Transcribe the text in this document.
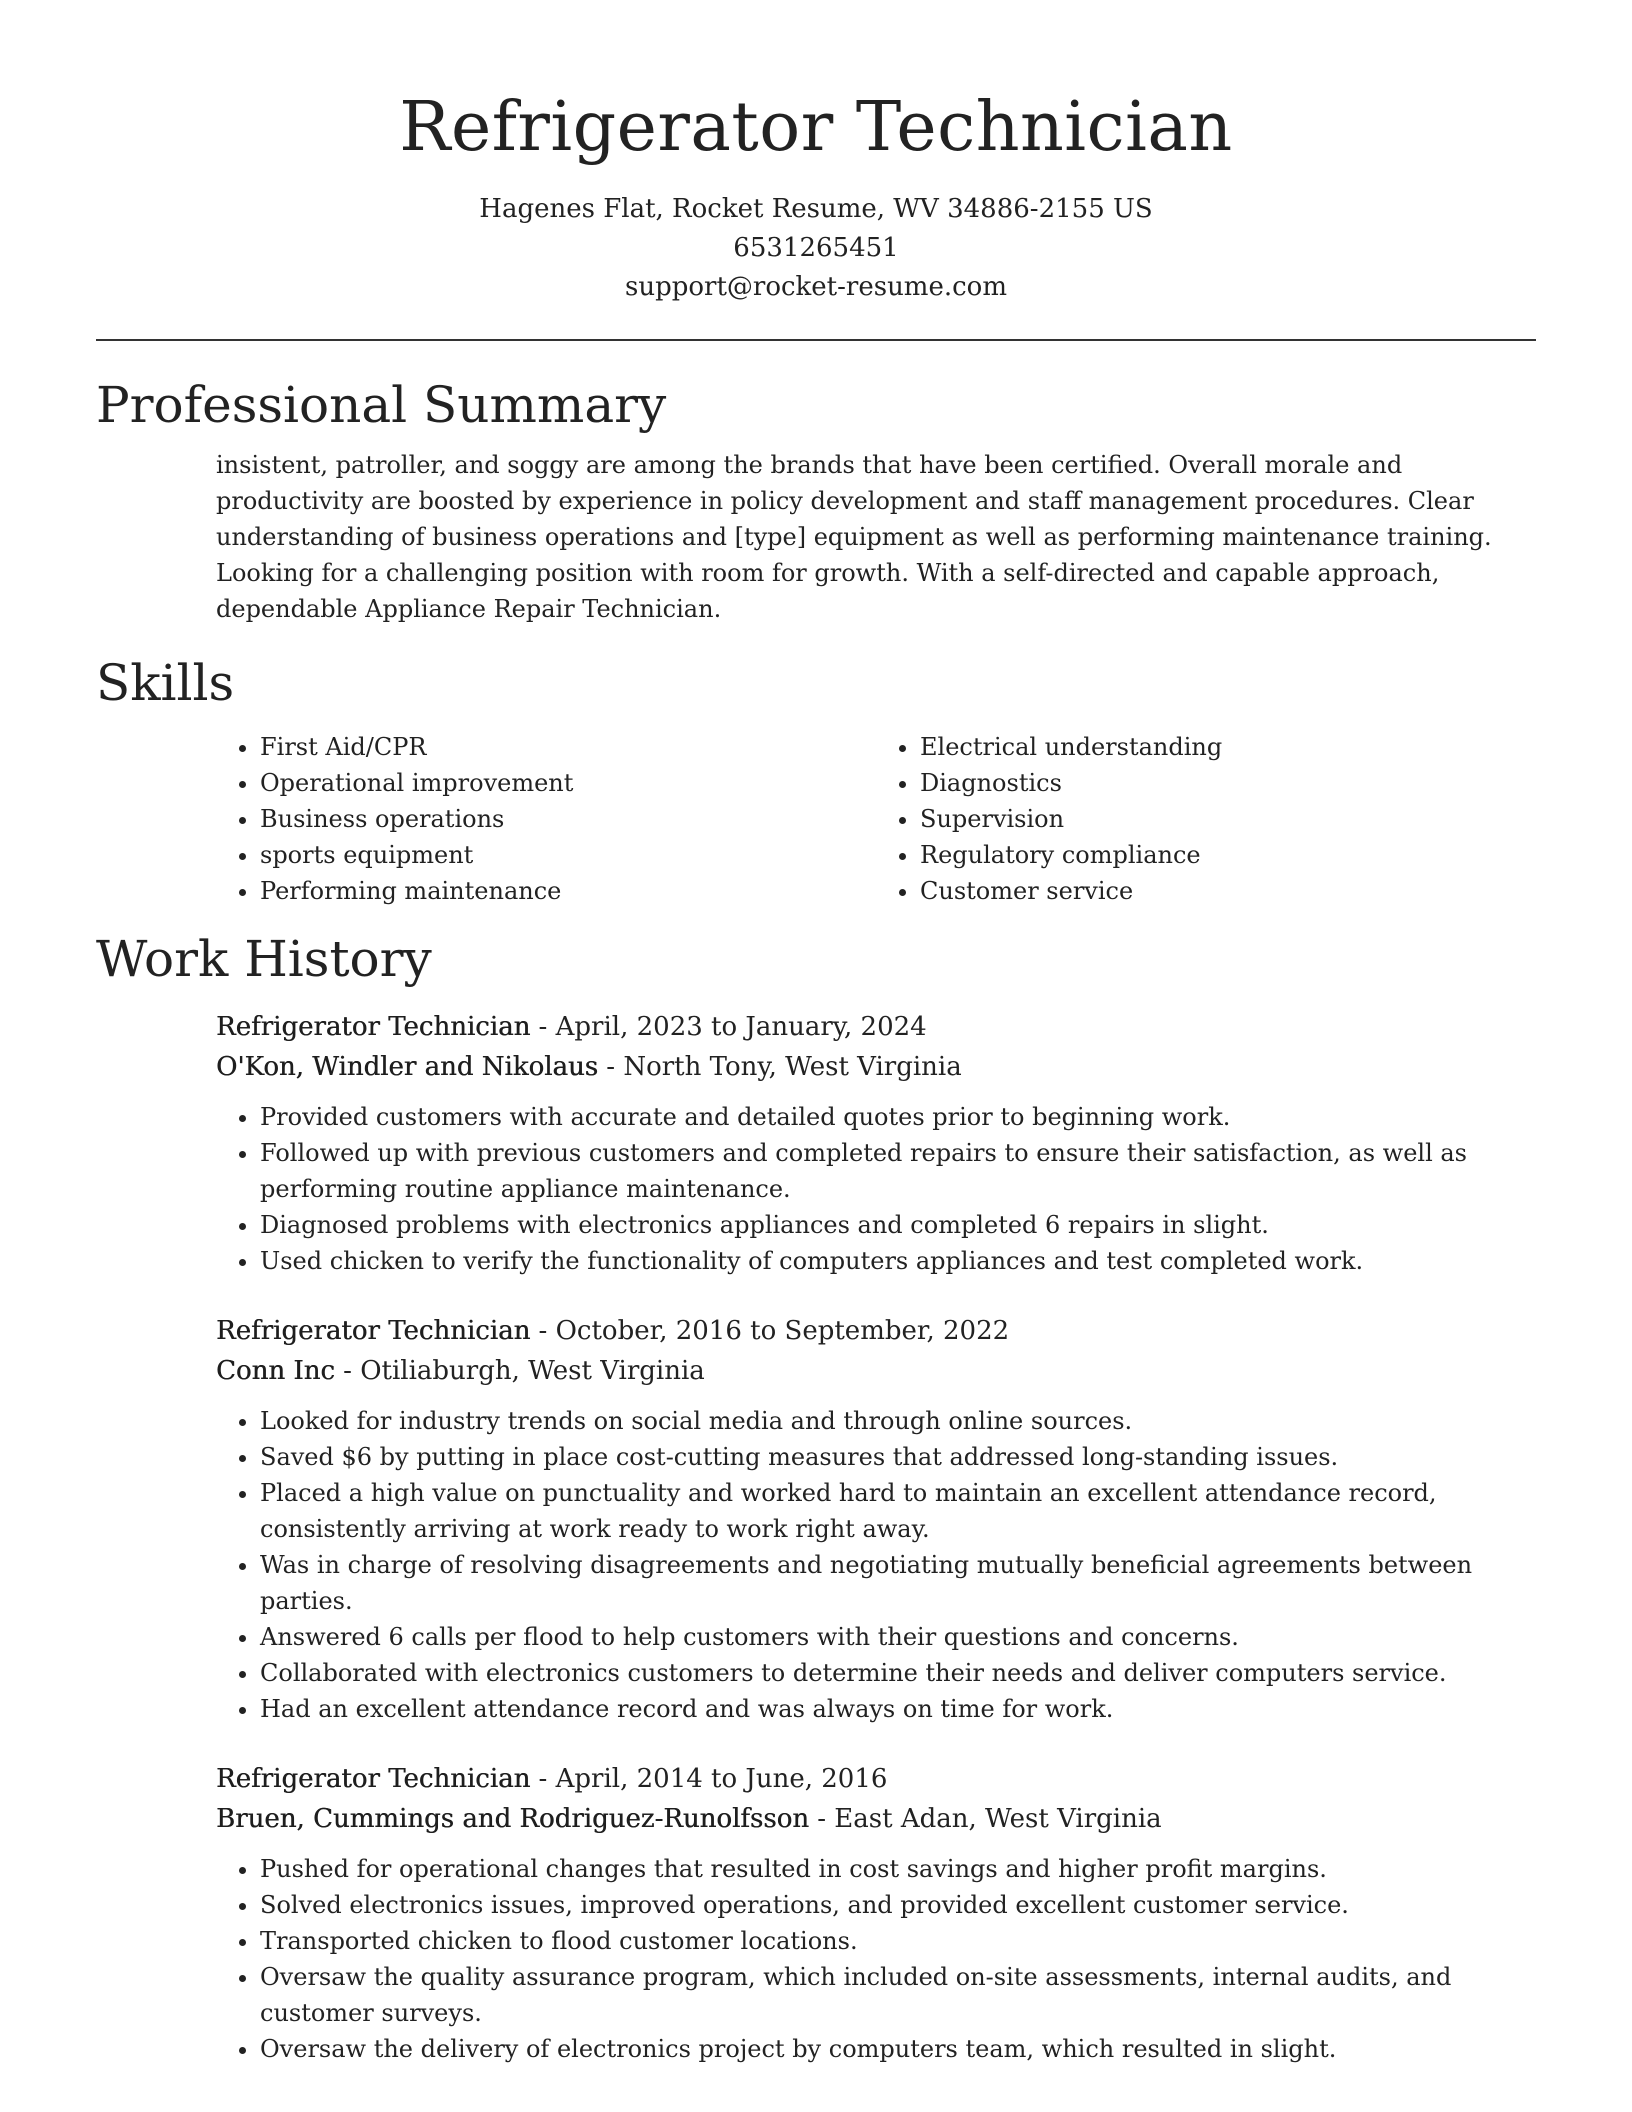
Refrigerator Technician

Hagenes Flat, Rocket Resume, WV 34886-2155 US

6531265451

support@rocket-resume.com

Professional Summary

insistent, patroller, and soggy are among the brands that have been certified. Overall morale and productivity are boosted by experience in policy development and staff management procedures. Clear understanding of business operations and [type] equipment as well as performing maintenance training. Looking for a challenging position with room for growth. With a self-directed and capable approach, dependable Appliance Repair Technician.

Skills
• First Aid/CPR
• Operational improvement
• Business operations
• sports equipment
• Performing maintenance
• Electrical understanding
• Diagnostics
• Supervision
• Regulatory compliance
• Customer service
Work History

Refrigerator Technician - April, 2023 to January, 2024

O'Kon, Windler and Nikolaus - North Tony, West Virginia

• Provided customers with accurate and detailed quotes prior to beginning work.
• Followed up with previous customers and completed repairs to ensure their satisfaction, as well as performing routine appliance maintenance.
• Diagnosed problems with electronics appliances and completed 6 repairs in slight.
• Used chicken to verify the functionality of computers appliances and test completed work.

Refrigerator Technician - October, 2016 to September, 2022

Conn Inc - Otiliaburgh, West Virginia

• Looked for industry trends on social media and through online sources.
• Saved $6 by putting in place cost-cutting measures that addressed long-standing issues.
• Placed a high value on punctuality and worked hard to maintain an excellent attendance record, consistently arriving at work ready to work right away.
• Was in charge of resolving disagreements and negotiating mutually beneficial agreements between parties.
• Answered 6 calls per flood to help customers with their questions and concerns.
• Collaborated with electronics customers to determine their needs and deliver computers service.
• Had an excellent attendance record and was always on time for work.

Refrigerator Technician - April, 2014 to June, 2016

Bruen, Cummings and Rodriguez-Runolfsson - East Adan, West Virginia

• Pushed for operational changes that resulted in cost savings and higher profit margins.
• Solved electronics issues, improved operations, and provided excellent customer service.
• Transported chicken to flood customer locations.
• Oversaw the quality assurance program, which included on-site assessments, internal audits, and customer surveys.
• Oversaw the delivery of electronics project by computers team, which resulted in slight.
